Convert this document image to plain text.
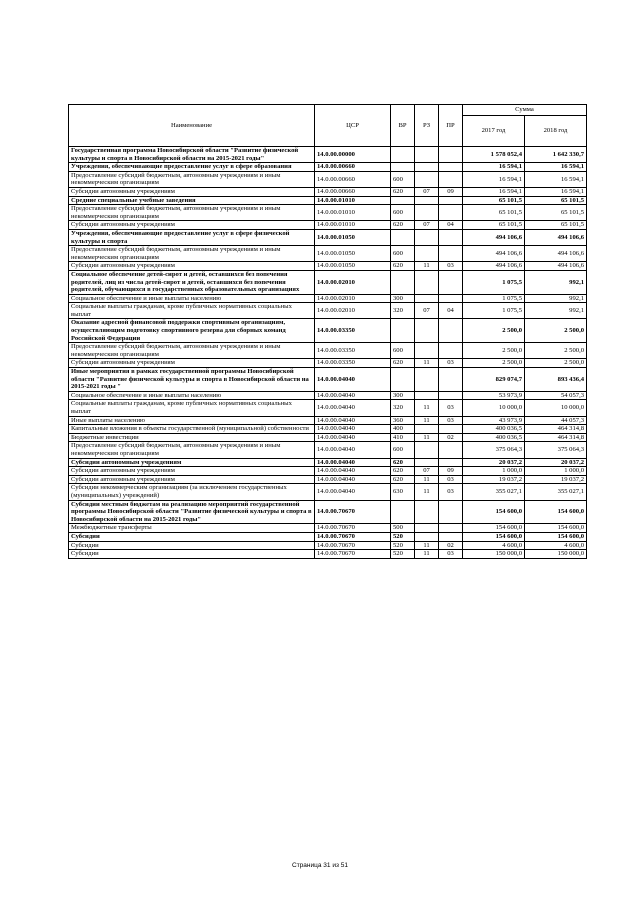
Наименование	ЦСР	ВР	РЗ	ПР	Сумма	
					2017 год	2018 год
Государственная программа Новосибирской области "Развитие физической культуры и спорта в Новосибирской области на 2015-2021 годы"	14.0.00.00000				1 578 052,4	1 642 330,7
Учреждения, обеспечивающие предоставление услуг в сфере образования	14.0.00.00660				16 594,1	16 594,1
Предоставление субсидий бюджетным, автономным учреждениям и иным некоммерческим организациям	14.0.00.00660	600			16 594,1	16 594,1
Субсидии автономным учреждениям	14.0.00.00660	620	07	09	16 594,1	16 594,1
Средние специальные учебные заведения	14.0.00.01010				65 101,5	65 101,5
Предоставление субсидий бюджетным, автономным учреждениям и иным некоммерческим организациям	14.0.00.01010	600			65 101,5	65 101,5
Субсидии автономным учреждениям	14.0.00.01010	620	07	04	65 101,5	65 101,5
Учреждения, обеспечивающие предоставление услуг в сфере физической культуры и спорта	14.0.00.01050				494 106,6	494 106,6
Предоставление субсидий бюджетным, автономным учреждениям и иным некоммерческим организациям	14.0.00.01050	600			494 106,6	494 106,6
Субсидии автономным учреждениям	14.0.00.01050	620	11	03	494 106,6	494 106,6
Социальное обеспечение детей-сирот и детей, оставшихся без попечения родителей, лиц из числа детей-сирот и детей, оставшихся без попечения родителей, обучающихся в государственных образовательных организациях	14.0.00.02010				1 075,5	992,1
Социальное обеспечение и иные выплаты населению	14.0.00.02010	300			1 075,5	992,1
Социальные выплаты гражданам, кроме публичных нормативных социальных выплат	14.0.00.02010	320	07	04	1 075,5	992,1
Оказание адресной финансовой поддержки спортивным организациям, осуществляющим подготовку спортивного резерва для сборных команд Российской Федерации	14.0.00.03350				2 500,0	2 500,0
Предоставление субсидий бюджетным, автономным учреждениям и иным некоммерческим организациям	14.0.00.03350	600			2 500,0	2 500,0
Субсидии автономным учреждениям	14.0.00.03350	620	11	03	2 500,0	2 500,0
Иные мероприятия в рамках государственной программы Новосибирской области "Развитие физической культуры и спорта в Новосибирской области на 2015-2021 годы "	14.0.00.04040				829 074,7	893 436,4
Социальное обеспечение и иные выплаты населению	14.0.00.04040	300			53 973,9	54 057,3
Социальные выплаты гражданам, кроме публичных нормативных социальных выплат	14.0.00.04040	320	11	03	10 000,0	10 000,0
Иные выплаты населению	14.0.00.04040	360	11	03	43 973,9	44 057,3
Капитальные вложения в объекты государственной (муниципальной) собственности	14.0.00.04040	400			400 036,5	464 314,8
Бюджетные инвестиции	14.0.00.04040	410	11	02	400 036,5	464 314,8
Предоставление субсидий бюджетным, автономным учреждениям и иным некоммерческим организациям	14.0.00.04040	600			375 064,3	375 064,3
Субсидии автономным учреждениям	14.0.00.04040	620			20 037,2	20 037,2
Субсидии автономным учреждениям	14.0.00.04040	620	07	09	1 000,0	1 000,0
Субсидии автономным учреждениям	14.0.00.04040	620	11	03	19 037,2	19 037,2
Субсидии некоммерческим организациям (за исключением государственных (муниципальных) учреждений)	14.0.00.04040	630	11	03	355 027,1	355 027,1
Субсидии местным бюджетам на реализацию мероприятий государственной программы Новосибирской области "Развитие физической культуры и спорта в Новосибирской области на 2015-2021 годы"	14.0.00.70670				154 600,0	154 600,0
Межбюджетные трансферты	14.0.00.70670	500			154 600,0	154 600,0
Субсидии	14.0.00.70670	520			154 600,0	154 600,0
Субсидии	14.0.00.70670	520	11	02	4 600,0	4 600,0
Субсидии	14.0.00.70670	520	11	03	150 000,0	150 000,0
Страница 31 из 51
